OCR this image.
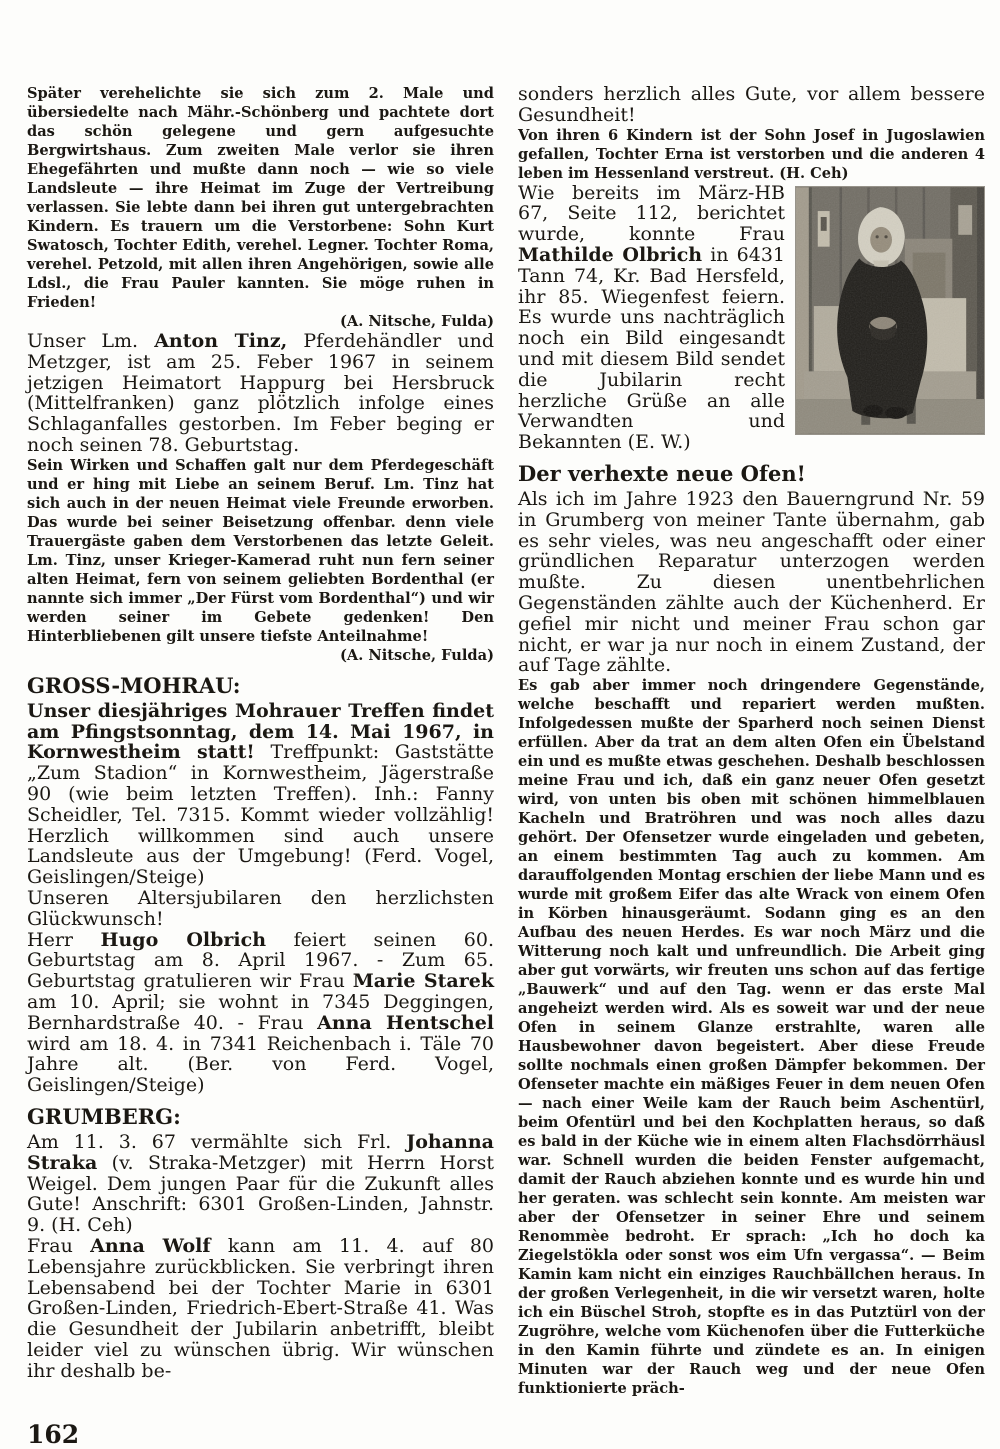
Später verehelichte sie sich zum 2. Male und übersiedelte nach Mähr.-Schönberg und pachtete dort das schön gelegene und gern aufgesuchte Bergwirtshaus. Zum zweiten Male verlor sie ihren Ehegefährten und mußte dann noch — wie so viele Landsleute — ihre Heimat im Zuge der Vertreibung verlassen. Sie lebte dann bei ihren gut untergebrachten Kindern. Es trauern um die Verstorbene: Sohn Kurt Swatosch, Tochter Edith, verehel. Legner. Tochter Roma, verehel. Petzold, mit allen ihren Angehörigen, sowie alle Ldsl., die Frau Pauler kannten. Sie möge ruhen in Frieden!

(A. Nitsche, Fulda)

Unser Lm. Anton Tinz, Pferdehändler und Metzger, ist am 25. Feber 1967 in seinem jetzigen Heimatort Happurg bei Hersbruck (Mittelfranken) ganz plötzlich infolge eines Schlaganfalles gestorben. Im Feber beging er noch seinen 78. Geburtstag.

Sein Wirken und Schaffen galt nur dem Pferdegeschäft und er hing mit Liebe an seinem Beruf. Lm. Tinz hat sich auch in der neuen Heimat viele Freunde erworben. Das wurde bei seiner Beisetzung offenbar. denn viele Trauergäste gaben dem Verstorbenen das letzte Geleit. Lm. Tinz, unser Krieger-Kamerad ruht nun fern seiner alten Heimat, fern von seinem geliebten Bordenthal (er nannte sich immer „Der Fürst vom Bordenthal“) und wir werden seiner im Gebete gedenken! Den Hinterbliebenen gilt unsere tiefste Anteilnahme!

(A. Nitsche, Fulda)

GROSS-MOHRAU:

Unser diesjähriges Mohrauer Treffen findet am Pfingstsonntag, dem 14. Mai 1967, in Kornwestheim statt! Treffpunkt: Gaststätte „Zum Stadion“ in Kornwestheim, Jägerstraße 90 (wie beim letzten Treffen). Inh.: Fanny Scheidler, Tel. 7315. Kommt wieder vollzählig! Herzlich willkommen sind auch unsere Landsleute aus der Umgebung! (Ferd. Vogel, Geislingen/Steige)

Unseren Altersjubilaren den herzlichsten Glückwunsch!

Herr Hugo Olbrich feiert seinen 60. Geburtstag am 8. April 1967. - Zum 65. Geburtstag gratulieren wir Frau Marie Starek am 10. April; sie wohnt in 7345 Deggingen, Bernhardstraße 40. - Frau Anna Hentschel wird am 18. 4. in 7341 Reichenbach i. Täle 70 Jahre alt. (Ber. von Ferd. Vogel, Geislingen/Steige)

GRUMBERG:

Am 11. 3. 67 vermählte sich Frl. Johanna Straka (v. Straka-Metzger) mit Herrn Horst Weigel. Dem jungen Paar für die Zukunft alles Gute! Anschrift: 6301 Großen-Linden, Jahnstr. 9. (H. Ceh)

Frau Anna Wolf kann am 11. 4. auf 80 Lebensjahre zurückblicken. Sie verbringt ihren Lebensabend bei der Tochter Marie in 6301 Großen-Linden, Friedrich-Ebert-Straße 41. Was die Gesundheit der Jubilarin anbetrifft, bleibt leider viel zu wünschen übrig. Wir wünschen ihr deshalb be-

sonders herzlich alles Gute, vor allem bessere Gesundheit!

Von ihren 6 Kindern ist der Sohn Josef in Jugoslawien gefallen, Tochter Erna ist verstorben und die anderen 4 leben im Hessenland verstreut. (H. Ceh)

Wie bereits im März-HB 67, Seite 112, berichtet wurde, konnte Frau Mathilde Olbrich in 6431 Tann 74, Kr. Bad Hersfeld, ihr 85. Wiegenfest feiern. Es wurde uns nachträglich noch ein Bild eingesandt und mit diesem Bild sendet die Jubilarin recht herzliche Grüße an alle Verwandten und Bekannten (E. W.)

Der verhexte neue Ofen!

Als ich im Jahre 1923 den Bauerngrund Nr. 59 in Grumberg von meiner Tante übernahm, gab es sehr vieles, was neu angeschafft oder einer gründlichen Reparatur unterzogen werden mußte. Zu diesen unentbehrlichen Gegenständen zählte auch der Küchenherd. Er gefiel mir nicht und meiner Frau schon gar nicht, er war ja nur noch in einem Zustand, der auf Tage zählte.

Es gab aber immer noch dringendere Gegenstände, welche beschafft und repariert werden mußten. Infolgedessen mußte der Sparherd noch seinen Dienst erfüllen. Aber da trat an dem alten Ofen ein Übelstand ein und es mußte etwas geschehen. Deshalb beschlossen meine Frau und ich, daß ein ganz neuer Ofen gesetzt wird, von unten bis oben mit schönen himmelblauen Kacheln und Bratröhren und was noch alles dazu gehört. Der Ofensetzer wurde eingeladen und gebeten, an einem bestimmten Tag auch zu kommen. Am darauffolgenden Montag erschien der liebe Mann und es wurde mit großem Eifer das alte Wrack von einem Ofen in Körben hinausgeräumt. Sodann ging es an den Aufbau des neuen Herdes. Es war noch März und die Witterung noch kalt und unfreundlich. Die Arbeit ging aber gut vorwärts, wir freuten uns schon auf das fertige „Bauwerk“ und auf den Tag. wenn er das erste Mal angeheizt werden wird. Als es soweit war und der neue Ofen in seinem Glanze erstrahlte, waren alle Hausbewohner davon begeistert. Aber diese Freude sollte nochmals einen großen Dämpfer bekommen. Der Ofenseter machte ein mäßiges Feuer in dem neuen Ofen — nach einer Weile kam der Rauch beim Aschentürl, beim Ofentürl und bei den Kochplatten heraus, so daß es bald in der Küche wie in einem alten Flachsdörrhäusl war. Schnell wurden die beiden Fenster aufgemacht, damit der Rauch abziehen konnte und es wurde hin und her geraten. was schlecht sein konnte. Am meisten war aber der Ofensetzer in seiner Ehre und seinem Renommèe bedroht. Er sprach: „Ich ho doch ka Ziegelstökla oder sonst wos eim Ufn vergassa“. — Beim Kamin kam nicht ein einziges Rauchbällchen heraus. In der großen Verlegenheit, in die wir versetzt waren, holte ich ein Büschel Stroh, stopfte es in das Putztürl von der Zugröhre, welche vom Küchenofen über die Futterküche in den Kamin führte und zündete es an. In einigen Minuten war der Rauch weg und der neue Ofen funktionierte präch-

162
